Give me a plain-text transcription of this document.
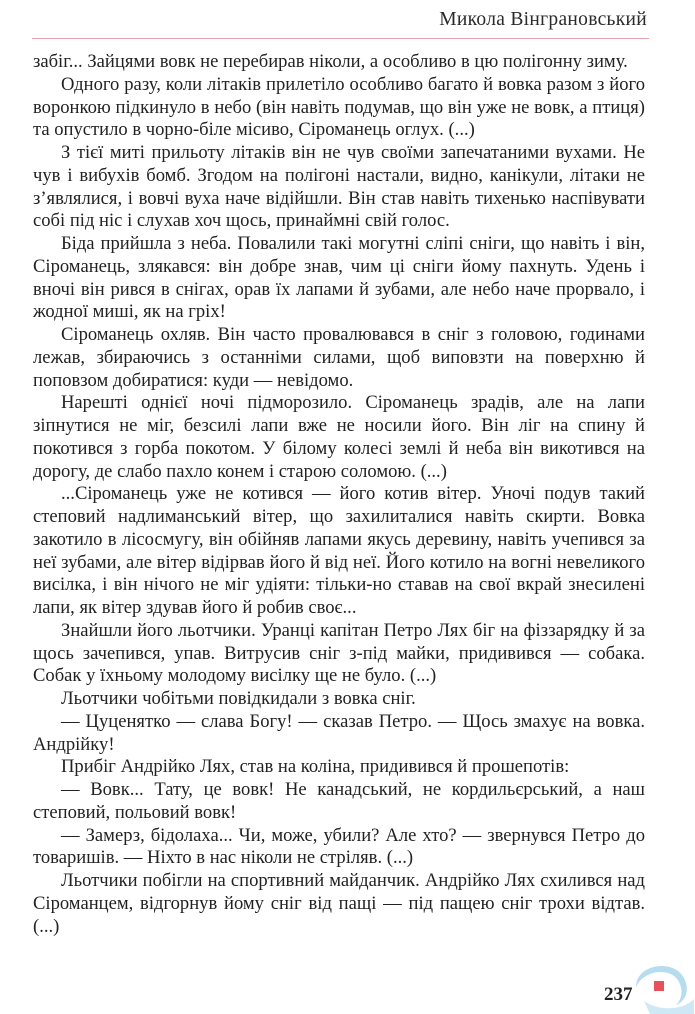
Микола Вінграновський

забіг... Зайцями вовк не перебирав ніколи, а особливо в цю полігонну зиму.

Одного разу, коли літаків прилетіло особливо багато й вовка разом з його воронкою підкинуло в небо (він навіть подумав, що він уже не вовк, а птиця) та опустило в чорно-біле місиво, Сіроманець оглух. (...)

З тієї миті прильоту літаків він не чув своїми запечатаними вухами. Не чув і вибухів бомб. Згодом на полігоні настали, видно, канікули, літаки не з’являлися, і вовчі вуха наче відійшли. Він став навіть тихенько наспівувати собі під ніс і слухав хоч щось, принаймні свій голос.

Біда прийшла з неба. Повалили такі могутні сліпі сніги, що навіть і він, Сіроманець, злякався: він добре знав, чим ці сніги йому пахнуть. Удень і вночі він рився в снігах, орав їх лапами й зубами, але небо наче прорвало, і жодної миші, як на гріх!

Сіроманець охляв. Він часто провалювався в сніг з головою, годинами лежав, збираючись з останніми силами, щоб виповзти на поверхню й поповзом добиратися: куди — невідомо.

Нарешті однієї ночі підморозило. Сіроманець зрадів, але на лапи зіпнутися не міг, безсилі лапи вже не носили його. Він ліг на спину й покотився з горба покотом. У білому колесі землі й неба він викотився на дорогу, де слабо пахло конем і старою соломою. (...)

...Сіроманець уже не котився — його котив вітер. Уночі подув такий степовий надлиманський вітер, що захилиталися навіть скирти. Вовка закотило в лісосмугу, він обійняв лапами якусь деревину, навіть учепився за неї зубами, але вітер відірвав його й від неї. Його котило на вогні невеликого висілка, і він нічого не міг удіяти: тільки-но ставав на свої вкрай знесилені лапи, як вітер здував його й робив своє...

Знайшли його льотчики. Уранці капітан Петро Лях біг на фіззарядку й за щось зачепився, упав. Витрусив сніг з-під майки, придивився — собака. Собак у їхньому молодому висілку ще не було. (...)

Льотчики чобітьми повідкидали з вовка сніг.

— Цуценятко — слава Богу! — сказав Петро. — Щось змахує на вовка. Андрійку!

Прибіг Андрійко Лях, став на коліна, придивився й прошепотів:

— Вовк... Тату, це вовк! Не канадський, не кордильєрський, а наш степовий, польовий вовк!

— Замерз, бідолаха... Чи, може, убили? Але хто? — звернувся Петро до товаришів. — Ніхто в нас ніколи не стріляв. (...)

Льотчики побігли на спортивний майданчик. Андрійко Лях схилився над Сіроманцем, відгорнув йому сніг від пащі — під пащею сніг трохи відтав. (...)

237
